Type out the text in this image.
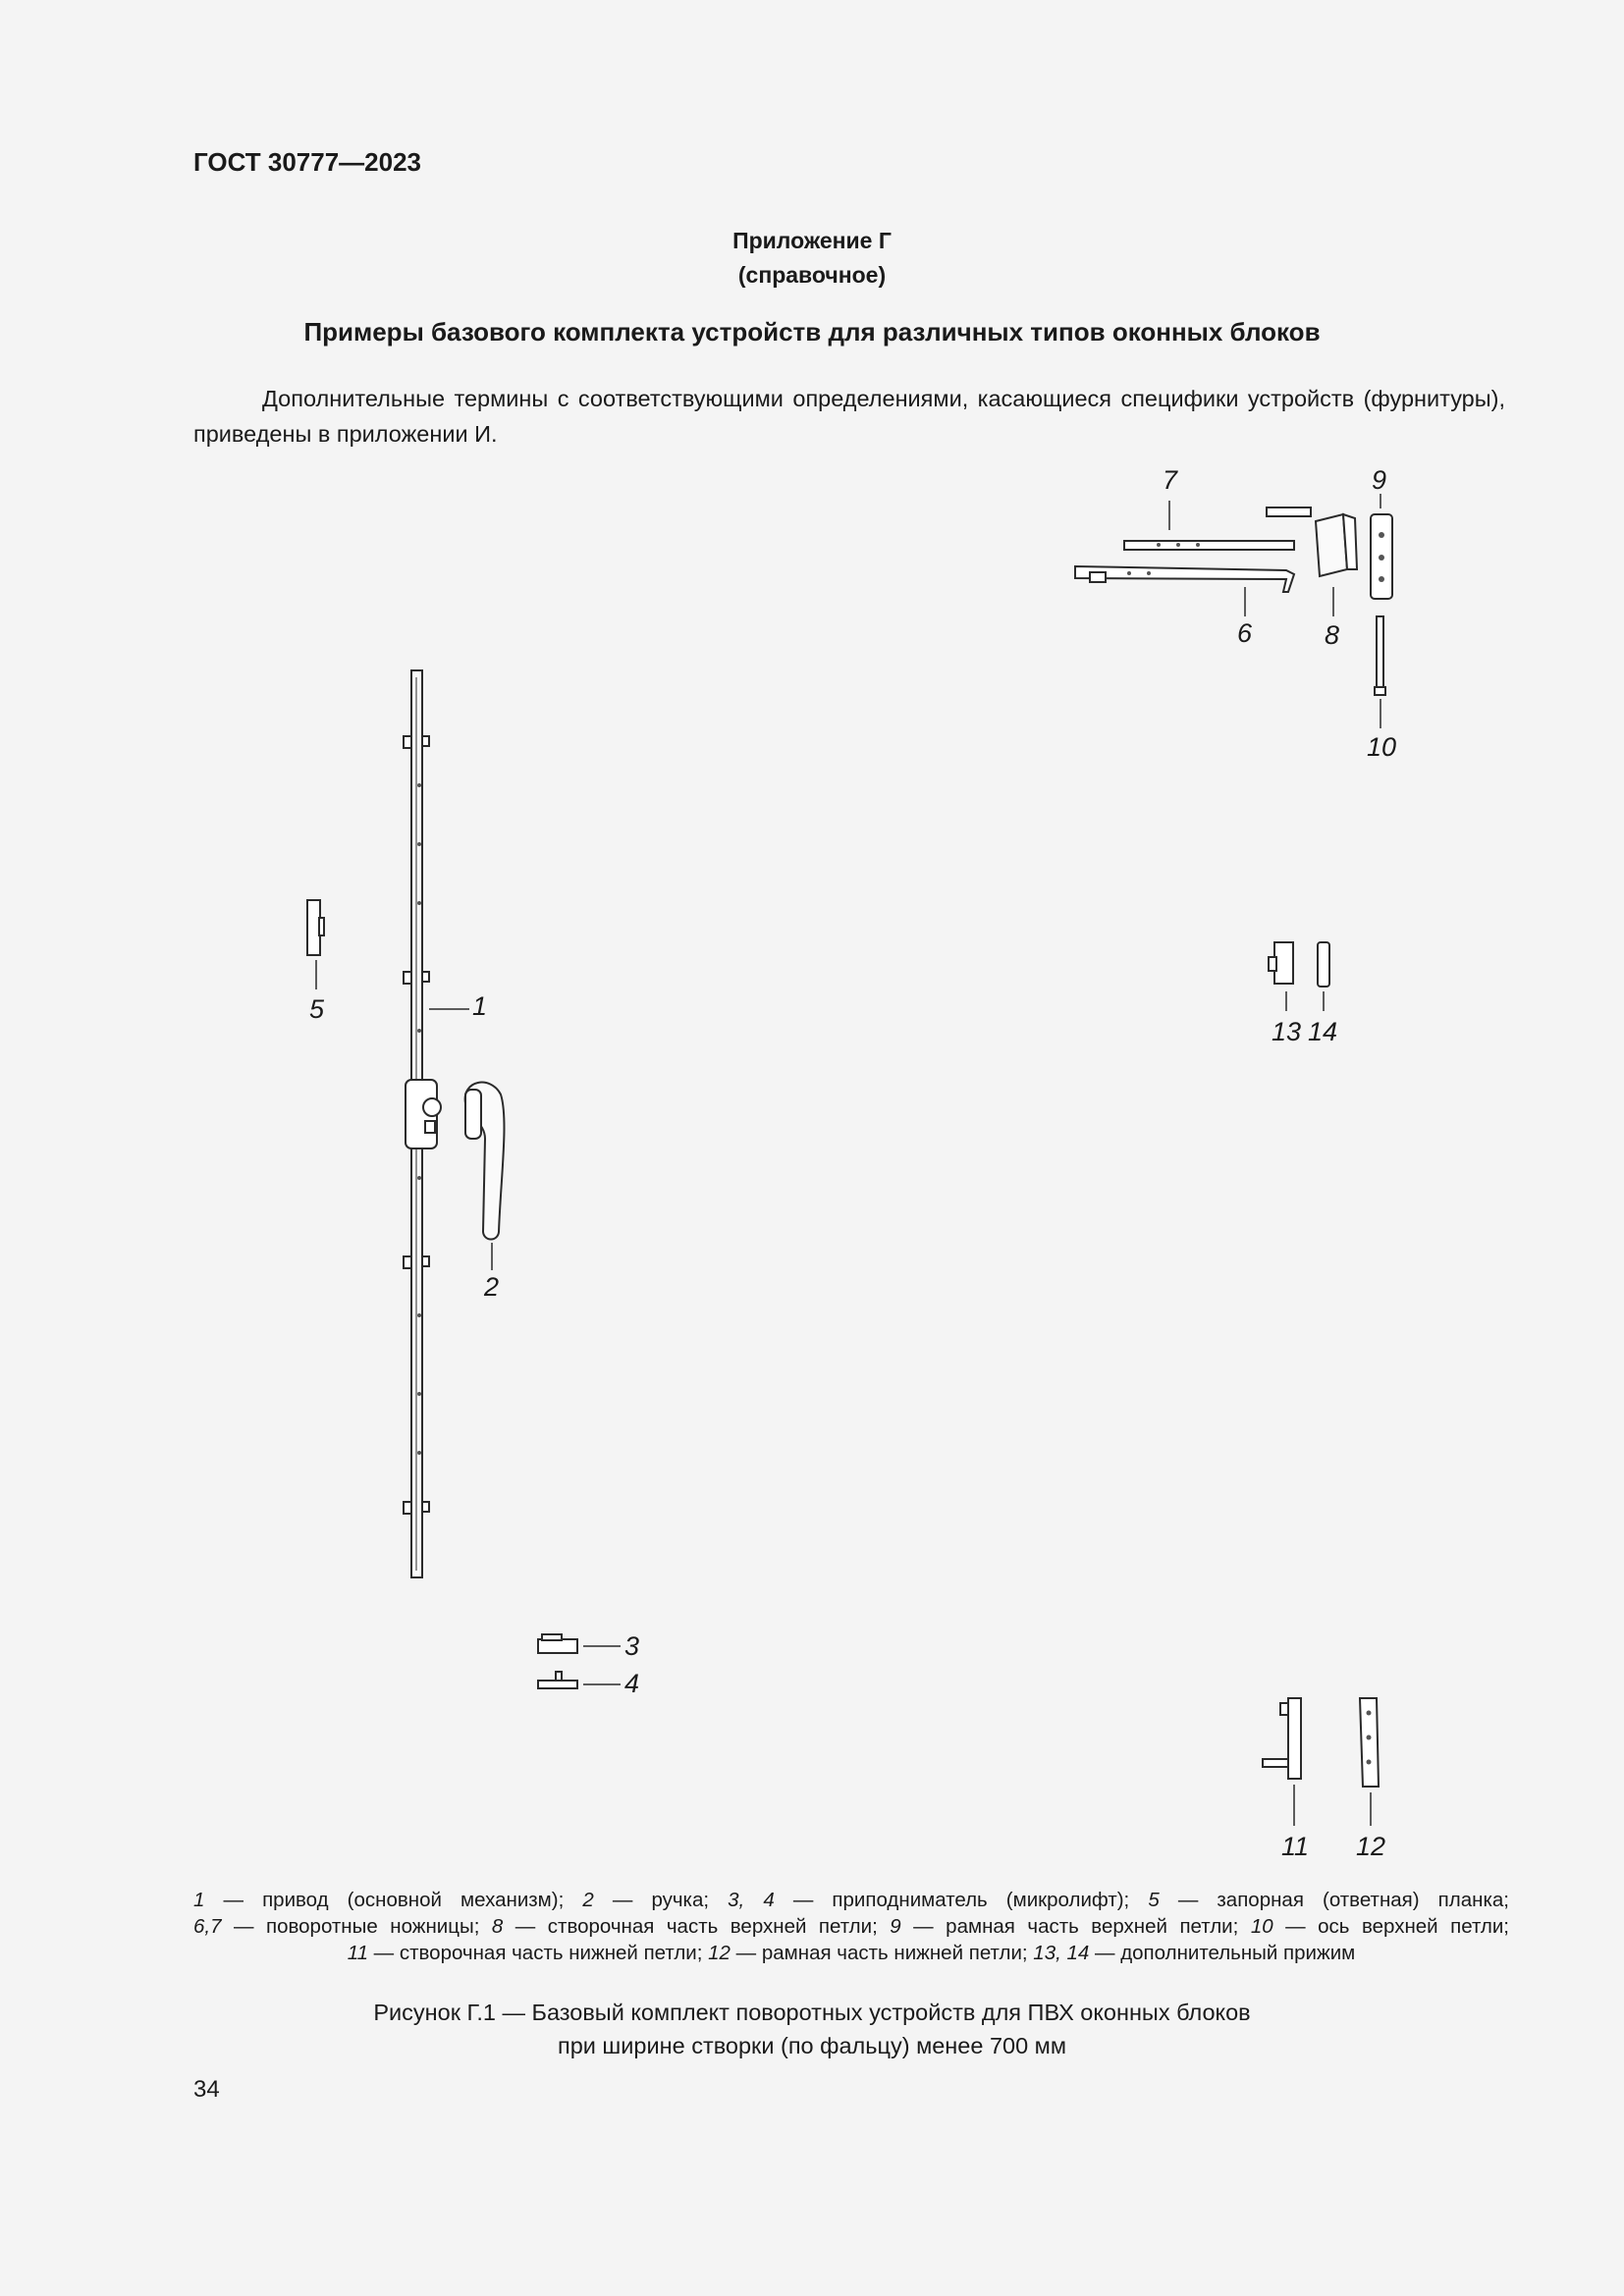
ГОСТ 30777—2023
Приложение Г
(справочное)
Примеры базового комплекта устройств для различных типов оконных блоков
Дополнительные термины с соответствующими определениями, касающиеся специфики устройств (фурнитуры), приведены в приложении И.
1
2
3
4
5
6
7
8
9
10
11 12
13 14
1 — привод (основной механизм); 2 — ручка; 3, 4 — приподниматель (микролифт); 5 — запорная (ответная) планка;
6,7 — поворотные ножницы; 8 — створочная часть верхней петли; 9 — рамная часть верхней петли; 10 — ось верхней петли;
11 — створочная часть нижней петли; 12 — рамная часть нижней петли; 13, 14 — дополнительный прижим
Рисунок Г.1 — Базовый комплект поворотных устройств для ПВХ оконных блоков
при ширине створки (по фальцу) менее 700 мм
34
